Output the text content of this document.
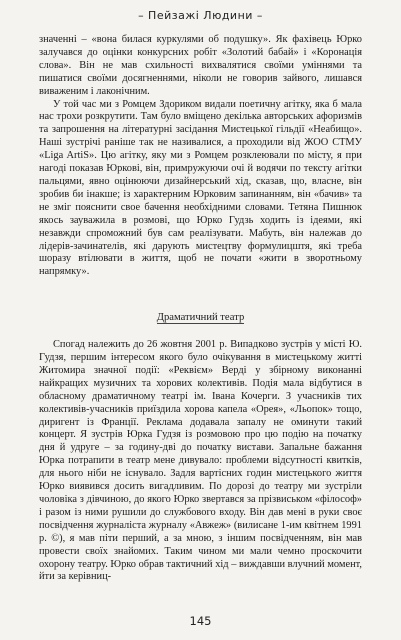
– Пейзажі Людини –

значенні – «вона билася куркулями об подушку». Як фахівець Юрко залучався до оцінки конкурсних робіт «Золотий бабай» і «Коронація слова». Він не мав схильності вихвалятися своїми уміннями та пишатися своїми досягненнями, ніколи не говорив зайвого, лишався виваженим і лаконічним.

У той час ми з Ромцем Здориком видали поетичну агітку, яка б мала нас трохи розкрутити. Там було вміщено декілька авторських афоризмів та запрошення на літературні засідання Мистецької гільдії «Неабищо». Наші зустрічі раніше так не називалися, а проходили від ЖОО СТМУ «Liga ArtiS». Цю агітку, яку ми з Ромцем розклеювали по місту, я при нагоді показав Юркові, він, примружуючи очі й водячи по тексту агітки пальцями, явно оцінюючи дизайнерський хід, сказав, що, власне, він зробив би інакше; із характерним Юрковим запинанням, він «бачив» та не зміг пояснити свое бачення необхідними словами. Тетяна Пишнюк якось зауважила в розмові, що Юрко Гудзь ходить із ідеями, які незавжди спроможний був сам реалізувати. Мабуть, він належав до лідерів-зачинателів, які дарують мистецтву формулицштя, які треба шоразу втілювати в життя, щоб не почати «жити в зворотньому напрямку».

Драматичний театр

Спогад належить до 26 жовтня 2001 р. Випадково зустрів у місті Ю. Гудзя, першим інтересом якого було очікування в мистецькому житті Житомира значної події: «Реквієм» Верді у збірному виконанні найкращих музичних та хорових колективів. Подія мала відбутися в обласному драматичному театрі ім. Івана Кочерги. З учасників тих колективів-учасників приїздила хорова капела «Орея», «Льопок» тощо, диригент із Франції. Реклама додавала запалу не оминути такий концерт. Я зустрів Юрка Гудзя із розмовою про цю подію на початку дня й удруге – за годину-дві до початку вистави. Запальне бажання Юрка потрапити в театр мене дивувало: проблеми відсутності квитків, для нього ніби не існувало. Задля вартісних годин мистецького життя Юрко виявився досить вигадливим. По дорозі до театру ми зустріли чоловіка з дівчиною, до якого Юрко звертався за прізвиськом «філософ» і разом із ними рушили до службового входу. Він дав мені в руки своє посвідчення журналіста журналу «Авжеж» (вилисане 1-им квітнем 1991 р. ©), я мав піти перший, а за мною, з іншим посвідченням, він мав провести своїх знайомих. Таким чином ми мали чемно проскочити охорону театру. Юрко обрав тактичний хід – виждавши влучний момент, йти за керівниц-

145
